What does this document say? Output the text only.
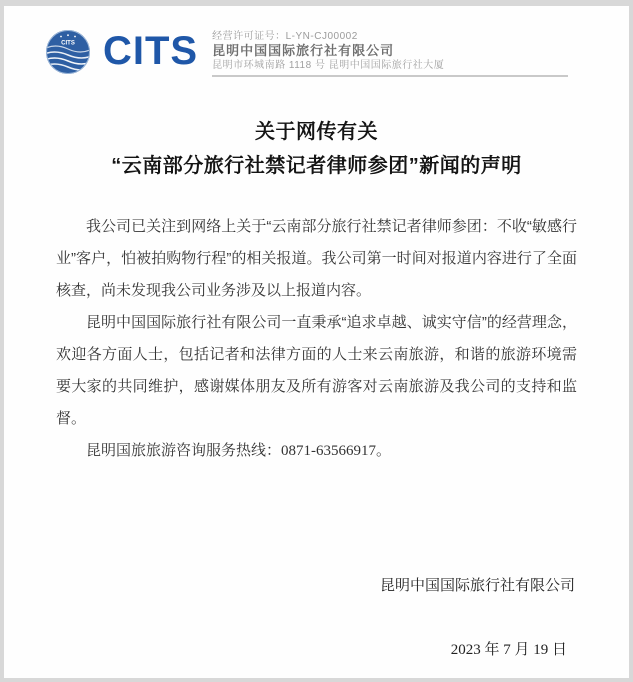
CITS CITS 经营许可证号：L-YN-CJ00002
昆明中国国际旅行社有限公司
昆明市环城南路 1118 号 昆明中国国际旅行社大厦
关于网传有关
“云南部分旅行社禁记者律师参团”新闻的声明

我公司已关注到网络上关于“云南部分旅行社禁记者律师参团：不收“敏感行业”客户，怕被拍购物行程”的相关报道。我公司第一时间对报道内容进行了全面核查，尚未发现我公司业务涉及以上报道内容。

昆明中国国际旅行社有限公司一直秉承“追求卓越、诚实守信”的经营理念，欢迎各方面人士，包括记者和法律方面的人士来云南旅游，和谐的旅游环境需要大家的共同维护，感谢媒体朋友及所有游客对云南旅游及我公司的支持和监督。

昆明国旅旅游咨询服务热线：0871-63566917。

昆明中国国际旅行社有限公司
2023 年 7 月 19 日
